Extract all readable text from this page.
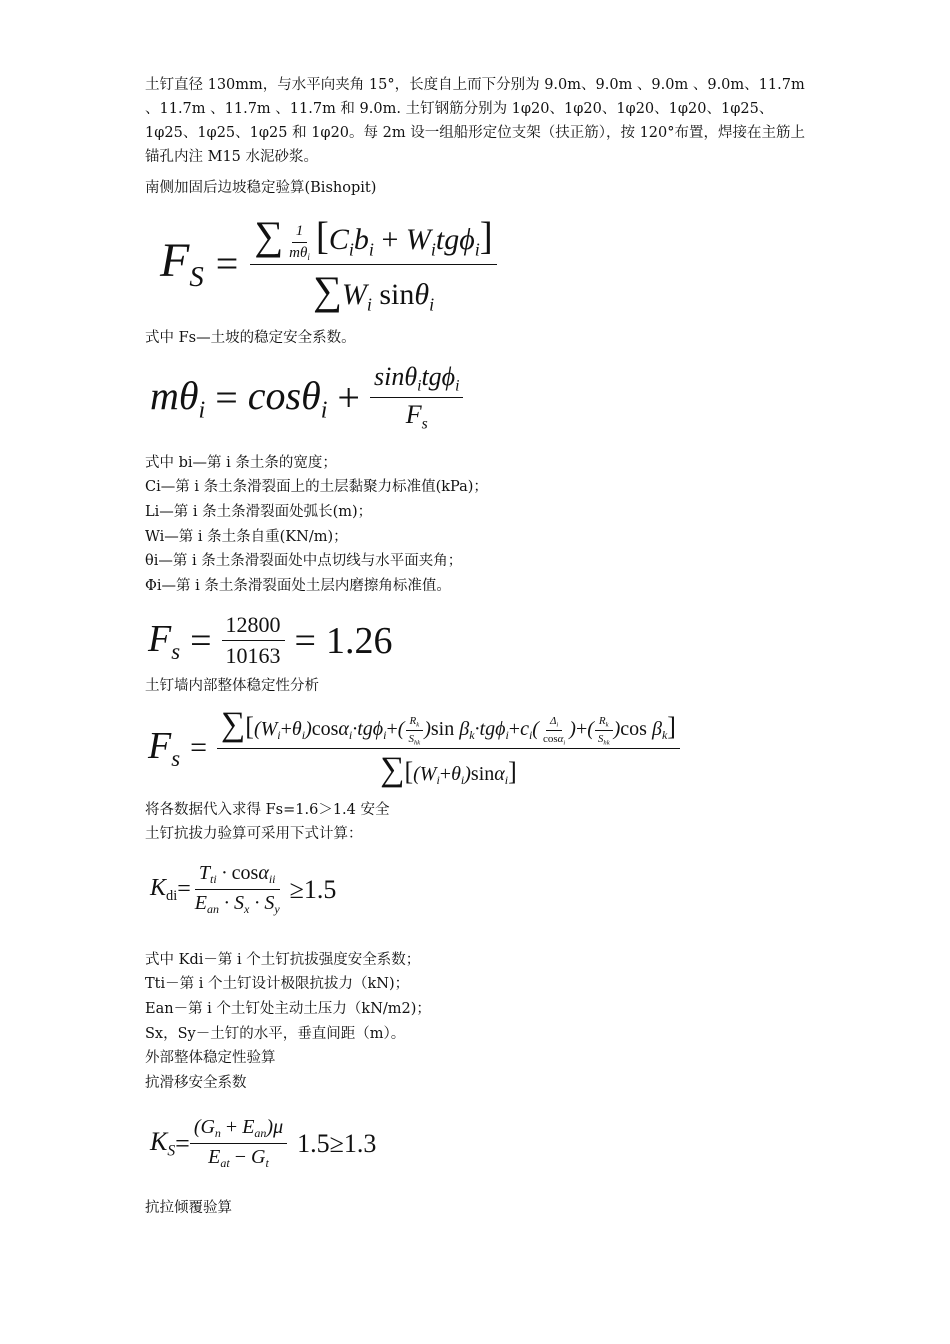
土钉直径 130mm，与水平向夹角 15°，长度自上而下分别为 9.0m、9.0m 、9.0m 、9.0m、11.7m 、11.7m 、11.7m 、11.7m 和 9.0m. 土钉钢筋分别为 1φ20、1φ20、1φ20、1φ20、1φ25、1φ25、1φ25、1φ25 和 1φ20。每 2m 设一组船形定位支架（扶正筋），按 120°布置，焊接在主筋上锚孔内注 M15 水泥砂浆。
南侧加固后边坡稳定验算(Bishopit)
$F_S = \frac{\sum \frac{1}{m\theta_i} [C_ib_i + W_itg\phi_i]}{\sum W_i \sin\theta_i}$
式中 Fs—土坡的稳定安全系数。
$m\theta_i = \cos\theta_i + \frac{\sin\theta_itg\phi_i}{F_s}$
式中 bi—第 i 条土条的宽度；
Ci—第 i 条土条滑裂面上的土层黏聚力标准值(kPa)；
Li—第 i 条土条滑裂面处弧长(m)；
Wi—第 i 条土条自重(KN/m)；
θi—第 i 条土条滑裂面处中点切线与水平面夹角；
Φi—第 i 条土条滑裂面处土层内磨擦角标准值。
$F_s = \frac{12800}{10163} = 1.26$
土钉墙内部整体稳定性分析
$F_s$ =
$\sum[(W_i+\theta_i)\cos\alpha_i\cdot tg\phi_i+( \frac{R_k}{S_{hk}} )\sin$ $\beta_k\cdot tg\phi_i+c_i( \frac{\Delta_i}{\cos\alpha_i}$ )+( $\frac{R_k}{S_{hk}} )\cos$ $\beta_k$]
$\sum[(W_i+\theta_i)\sin\alpha_i]$
将各数据代入求得 Fs=1.6＞1.4 安全
土钉抗拔力验算可采用下式计算：
$K_{di} = \frac{T_{ti} \cdot \cos\alpha_{ii}}{E_{an} \cdot S_x \cdot S_y} \ge 1.5$
式中 Kdi－第 i 个土钉抗拔强度安全系数；
Tti－第 i 个土钉设计极限抗拔力（kN)；
Ean－第 i 个土钉处主动土压力（kN/m2)；
Sx，Sy－土钉的水平，垂直间距（m）。
外部整体稳定性验算
抗滑移安全系数
$K_S = \frac{(G_n + E_{an})\mu}{E_{at} - G_t} 1.5 \ge 1.3$
抗拉倾覆验算
